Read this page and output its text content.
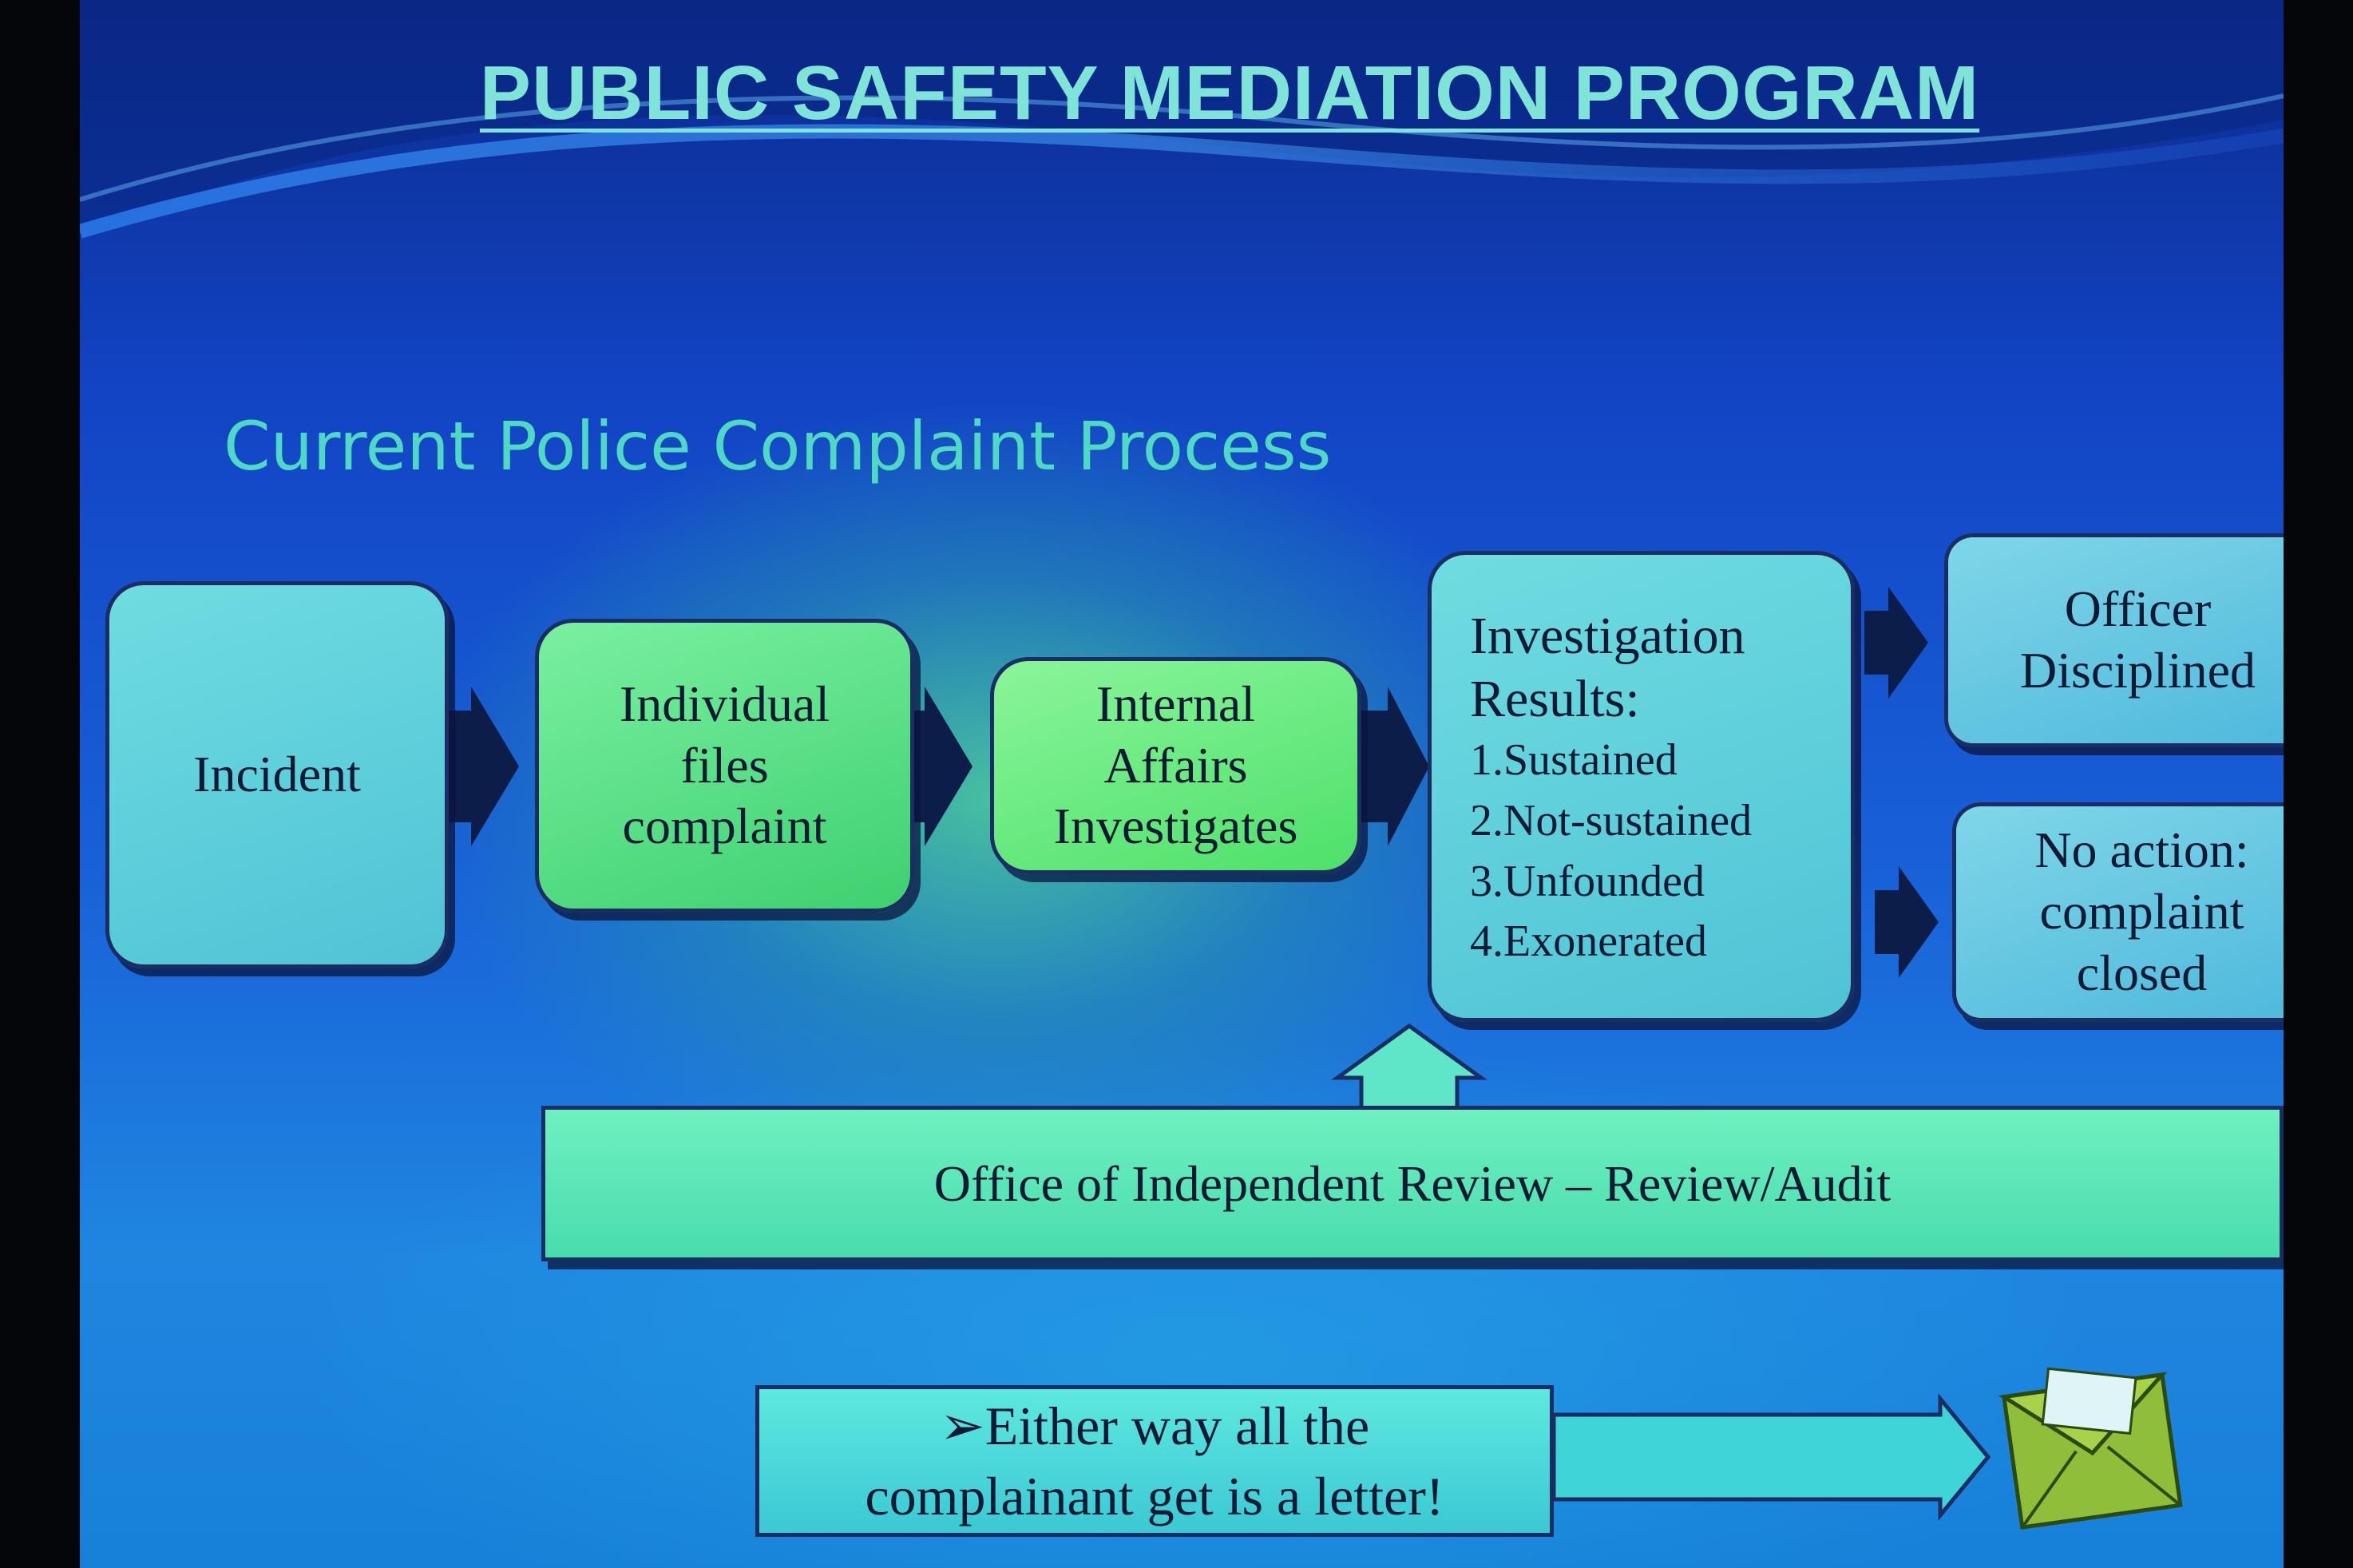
PUBLIC SAFETY MEDIATION PROGRAM
Current Police Complaint Process
Incident
Individual
files
complaint
Internal
Affairs
Investigates
Investigation
Results:
1.Sustained
2.Not-sustained
3.Unfounded
4.Exonerated
Officer
Disciplined
No action:
complaint
closed
Office of Independent Review – Review/Audit
➢Either way all the
complainant get is a letter!
